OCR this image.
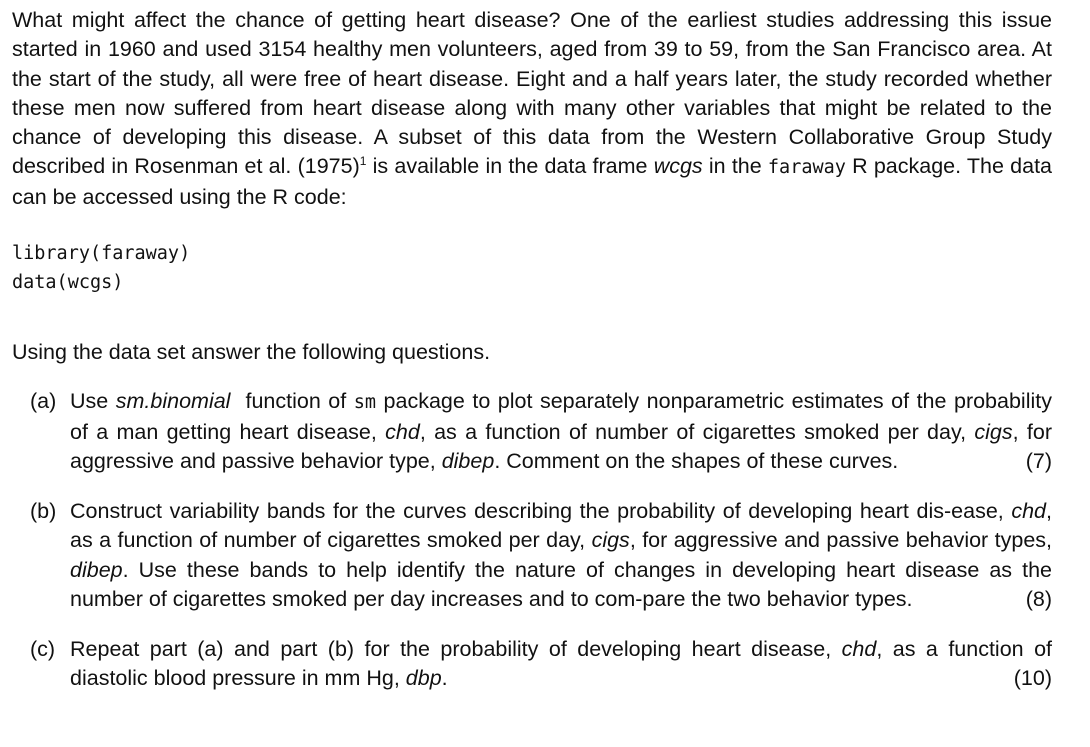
What might affect the chance of getting heart disease? One of the earliest studies addressing this issue started in 1960 and used 3154 healthy men volunteers, aged from 39 to 59, from the San Francisco area. At the start of the study, all were free of heart disease. Eight and a half years later, the study recorded whether these men now suffered from heart disease along with many other variables that might be related to the chance of developing this disease. A subset of this data from the Western Collaborative Group Study described in Rosenman et al. $(1975)^1$ is available in the data frame wcgs in the faraway R package. The data can be accessed using the R code:

library(faraway)
data(wcgs)
Using the data set answer the following questions.
(a) Use sm.binomial  function of sm package to plot separately nonparametric estimates of the probability of a man getting heart disease, chd, as a function of number of cigarettes smoked per day, cigs, for aggressive and passive behavior type, dibep. Comment on the shapes of these curves.	(7)
(b) Construct variability bands for the curves describing the probability of developing heart dis-ease, chd, as a function of number of cigarettes smoked per day, cigs, for aggressive and passive behavior types, dibep. Use these bands to help identify the nature of changes in developing heart disease as the number of cigarettes smoked per day increases and to com-pare the two behavior types.	(8)
(c) Repeat part (a) and part (b) for the probability of developing heart disease, chd, as a function of diastolic blood pressure in mm Hg, dbp.	(10)
